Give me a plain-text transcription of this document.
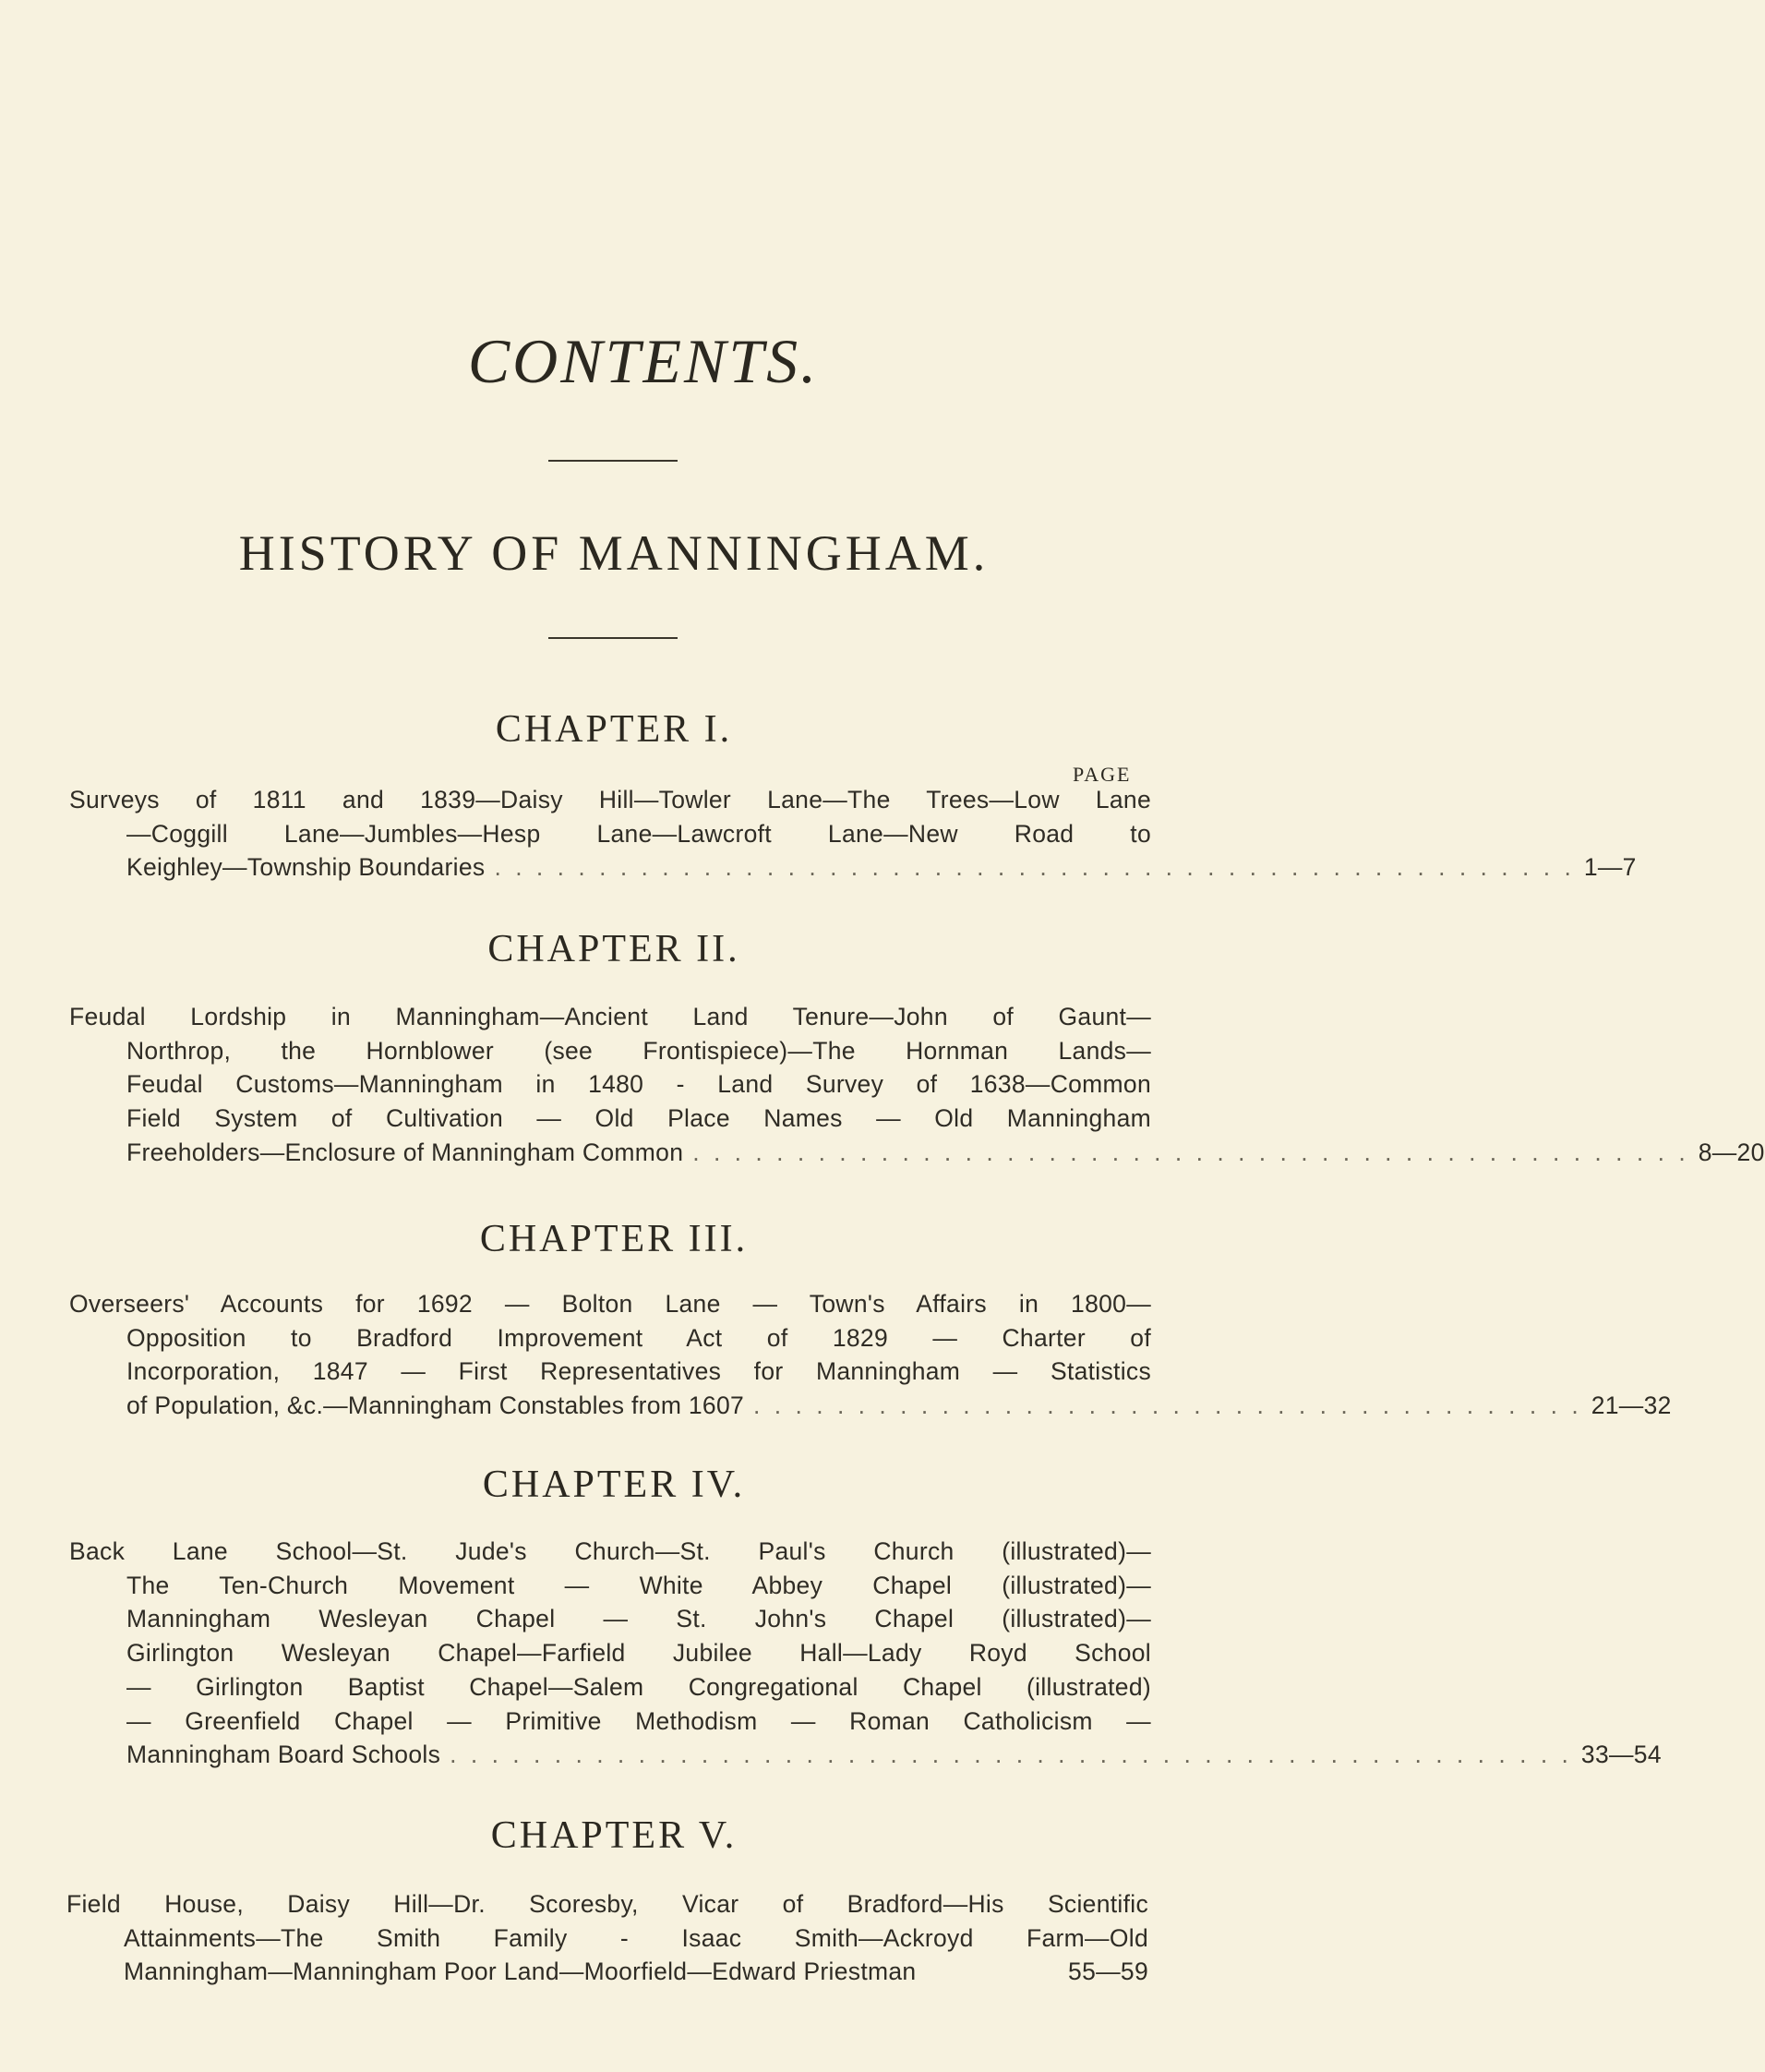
CONTENTS.
HISTORY OF MANNINGHAM.
CHAPTER I.
PAGE
Surveys of 1811 and 1839—Daisy Hill—Towler Lane—The Trees—Low Lane
—Coggill Lane—Jumbles—Hesp Lane—Lawcroft Lane—New Road to
Keighley—Township Boundaries . . . . . . . . . . . . . . . . . . . . . . . . . . . . . . . . . . . . . . . . . . . . . . . . . . . . 1—7
CHAPTER II.
Feudal Lordship in Manningham—Ancient Land Tenure—John of Gaunt—
Northrop, the Hornblower (see Frontispiece)—The Hornman Lands—
Feudal Customs—Manningham in 1480 - Land Survey of 1638—Common
Field System of Cultivation — Old Place Names — Old Manningham
Freeholders—Enclosure of Manningham Common . . . . . . . . . . . . . . . . . . . . . . . . . . . . . . . . . . . . . . . . . . . . . . . . 8—20
CHAPTER III.
Overseers' Accounts for 1692 — Bolton Lane — Town's Affairs in 1800—
Opposition to Bradford Improvement Act of 1829 — Charter of
Incorporation, 1847 — First Representatives for Manningham — Statistics
of Population, &c.—Manningham Constables from 1607 . . . . . . . . . . . . . . . . . . . . . . . . . . . . . . . . . . . . . . . . 21—32
CHAPTER IV.
Back Lane School—St. Jude's Church—St. Paul's Church (illustrated)—
The Ten-Church Movement — White Abbey Chapel (illustrated)—
Manningham Wesleyan Chapel — St. John's Chapel (illustrated)—
Girlington Wesleyan Chapel—Farfield Jubilee Hall—Lady Royd School
— Girlington Baptist Chapel—Salem Congregational Chapel (illustrated)
— Greenfield Chapel — Primitive Methodism — Roman Catholicism —
Manningham Board Schools . . . . . . . . . . . . . . . . . . . . . . . . . . . . . . . . . . . . . . . . . . . . . . . . . . . . . . 33—54
CHAPTER V.
Field House, Daisy Hill—Dr. Scoresby, Vicar of Bradford—His Scientific
Attainments—The Smith Family - Isaac Smith—Ackroyd Farm—Old
Manningham—Manningham Poor Land—Moorfield—Edward Priestman	55—59
